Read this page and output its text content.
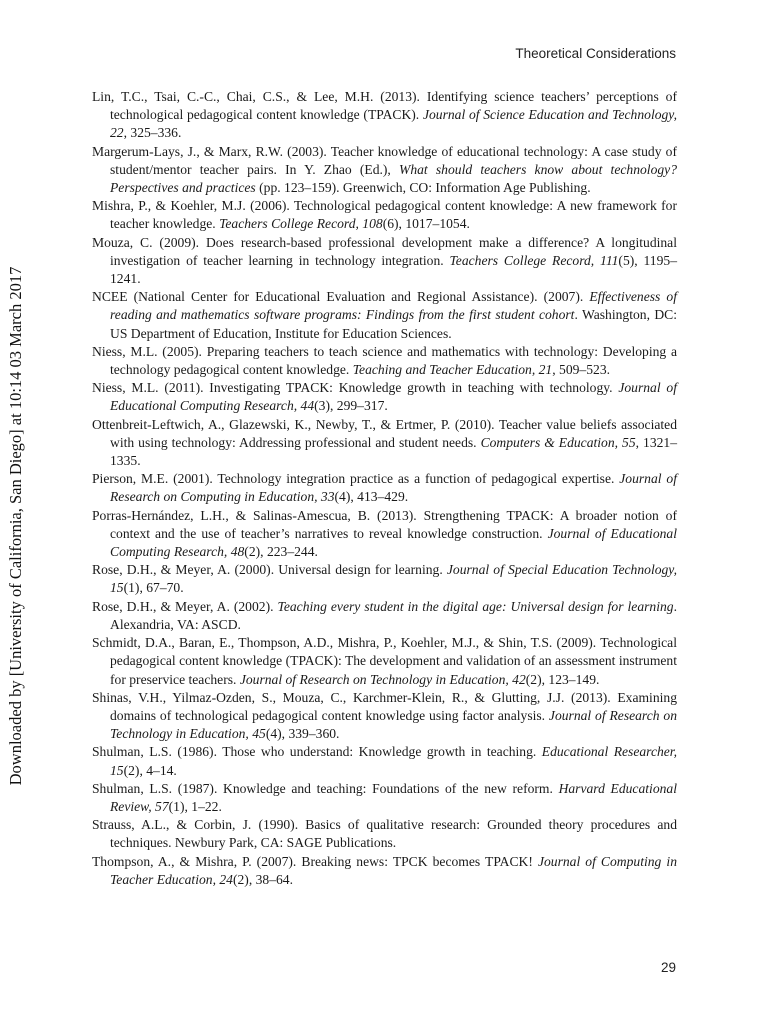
Theoretical Considerations
Downloaded by [University of California, San Diego] at 10:14 03 March 2017
Lin, T.C., Tsai, C.-C., Chai, C.S., & Lee, M.H. (2013). Identifying science teachers’ perceptions of technological pedagogical content knowledge (TPACK). Journal of Science Education and Technology, 22, 325–336.
Margerum-Lays, J., & Marx, R.W. (2003). Teacher knowledge of educational technology: A case study of student/mentor teacher pairs. In Y. Zhao (Ed.), What should teachers know about technology? Perspectives and practices (pp. 123–159). Greenwich, CO: Information Age Publishing.
Mishra, P., & Koehler, M.J. (2006). Technological pedagogical content knowledge: A new framework for teacher knowledge. Teachers College Record, 108(6), 1017–1054.
Mouza, C. (2009). Does research-based professional development make a difference? A longitudinal investigation of teacher learning in technology integration. Teachers College Record, 111(5), 1195–1241.
NCEE (National Center for Educational Evaluation and Regional Assistance). (2007). Effectiveness of reading and mathematics software programs: Findings from the first student cohort. Washington, DC: US Department of Education, Institute for Education Sciences.
Niess, M.L. (2005). Preparing teachers to teach science and mathematics with technology: Developing a technology pedagogical content knowledge. Teaching and Teacher Education, 21, 509–523.
Niess, M.L. (2011). Investigating TPACK: Knowledge growth in teaching with technology. Journal of Educational Computing Research, 44(3), 299–317.
Ottenbreit-Leftwich, A., Glazewski, K., Newby, T., & Ertmer, P. (2010). Teacher value beliefs associated with using technology: Addressing professional and student needs. Computers & Education, 55, 1321–1335.
Pierson, M.E. (2001). Technology integration practice as a function of pedagogical expertise. Journal of Research on Computing in Education, 33(4), 413–429.
Porras-Hernández, L.H., & Salinas-Amescua, B. (2013). Strengthening TPACK: A broader notion of context and the use of teacher’s narratives to reveal knowledge construction. Journal of Educational Computing Research, 48(2), 223–244.
Rose, D.H., & Meyer, A. (2000). Universal design for learning. Journal of Special Education Technology, 15(1), 67–70.
Rose, D.H., & Meyer, A. (2002). Teaching every student in the digital age: Universal design for learning. Alexandria, VA: ASCD.
Schmidt, D.A., Baran, E., Thompson, A.D., Mishra, P., Koehler, M.J., & Shin, T.S. (2009). Technological pedagogical content knowledge (TPACK): The development and validation of an assessment instrument for preservice teachers. Journal of Research on Technology in Education, 42(2), 123–149.
Shinas, V.H., Yilmaz-Ozden, S., Mouza, C., Karchmer-Klein, R., & Glutting, J.J. (2013). Examining domains of technological pedagogical content knowledge using factor analysis. Journal of Research on Technology in Education, 45(4), 339–360.
Shulman, L.S. (1986). Those who understand: Knowledge growth in teaching. Educational Researcher, 15(2), 4–14.
Shulman, L.S. (1987). Knowledge and teaching: Foundations of the new reform. Harvard Educational Review, 57(1), 1–22.
Strauss, A.L., & Corbin, J. (1990). Basics of qualitative research: Grounded theory procedures and techniques. Newbury Park, CA: SAGE Publications.
Thompson, A., & Mishra, P. (2007). Breaking news: TPCK becomes TPACK! Journal of Computing in Teacher Education, 24(2), 38–64.
29
